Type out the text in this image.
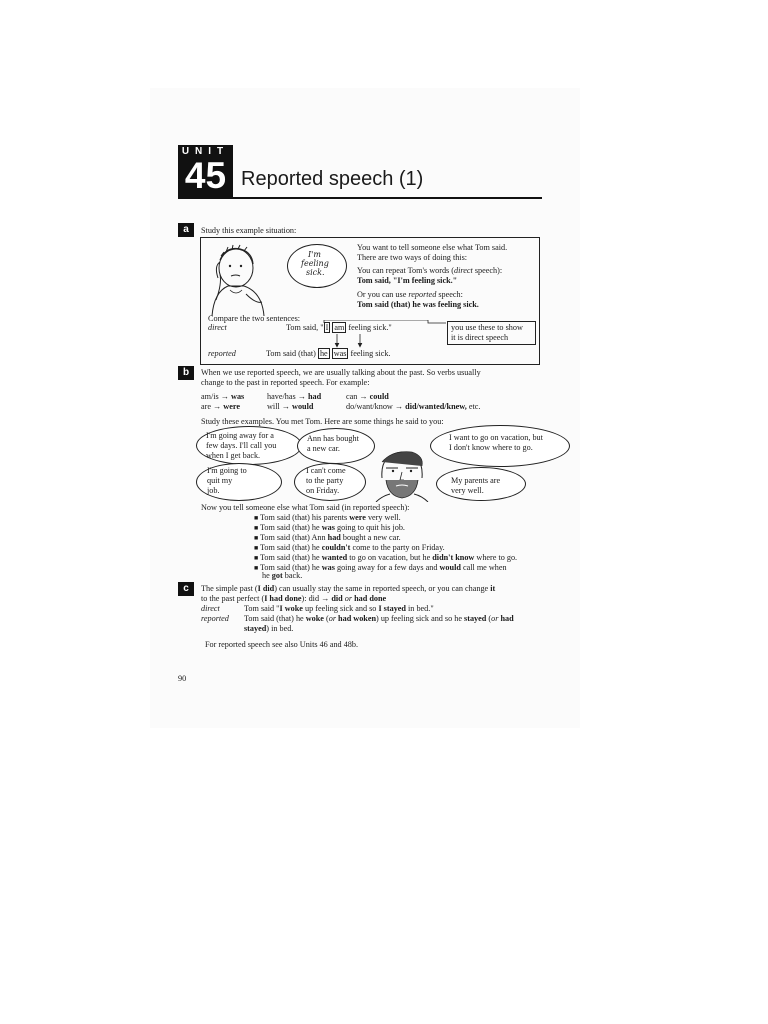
UNIT
45 Reported speech (1)
a	Study this example situation:
I'm
feeling
sick.
You want to tell someone else what Tom said.
There are two ways of doing this:
You can repeat Tom's words (direct speech):
Tom said, "I'm feeling sick."
Or you can use reported speech:
Tom said (that) he was feeling sick.
Compare the two sentences:
direct	Tom said, " I am feeling sick."	you use these to show
it is direct speech
reported	Tom said (that) he was feeling sick.
b	When we use reported speech, we are usually talking about the past. So verbs usually
change to the past in reported speech. For example:
am/is → was	have/has → had	can → could
are → were	will → would	do/want/know → did/wanted/knew, etc.
Study these examples. You met Tom. Here are some things he said to you:
I'm going away for a
few days. I'll call you
when I get back.
Ann has bought
a new car.
I want to go on vacation, but
I don't know where to go.
I'm going to
quit my
job.
I can't come
to the party
on Friday.
My parents are
very well.
Now you tell someone else what Tom said (in reported speech):
■ Tom said (that) his parents were very well.
■ Tom said (that) he was going to quit his job.
■ Tom said (that) Ann had bought a new car.
■ Tom said (that) he couldn't come to the party on Friday.
■ Tom said (that) he wanted to go on vacation, but he didn't know where to go.
■ Tom said (that) he was going away for a few days and would call me when
he got back.
c	The simple past (I did) can usually stay the same in reported speech, or you can change it
to the past perfect (I had done): did → did or had done
direct	Tom said "I woke up feeling sick and so I stayed in bed."
reported Tom said (that) he woke (or had woken) up feeling sick and so he stayed (or had
stayed) in bed.
For reported speech see also Units 46 and 48b.
90
